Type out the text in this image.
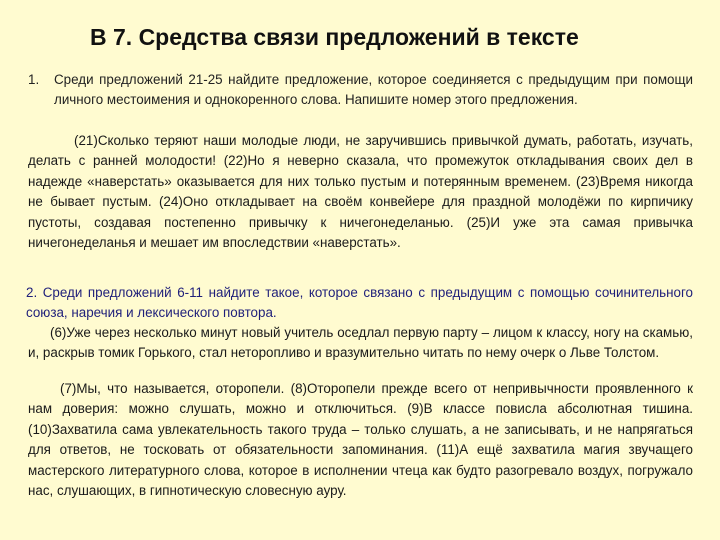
В 7. Средства связи предложений в тексте
1. Среди предложений 21-25 найдите предложение, которое соединяется с предыдущим при помощи личного местоимения и однокоренного слова. Напишите номер этого предложения.
(21)Сколько теряют наши молодые люди, не заручившись привычкой думать, работать, изучать, делать с ранней молодости! (22)Но я неверно сказала, что промежуток откладывания своих дел в надежде «наверстать» оказывается для них только пустым и потерянным временем. (23)Время никогда не бывает пустым. (24)Оно откладывает на своём конвейере для праздной молодёжи по кирпичику пустоты, создавая постепенно привычку к ничегонеделанью. (25)И уже эта самая привычка ничегонеделанья и мешает им впоследствии «наверстать».
2. Среди предложений 6-11 найдите такое, которое связано с предыдущим с помощью сочинительного союза, наречия и лексического повтора.
(6)Уже через несколько минут новый учитель оседлал первую парту – лицом к классу, ногу на скамью, и, раскрыв томик Горького, стал неторопливо и вразумительно читать по нему очерк о Льве Толстом.
(7)Мы, что называется, оторопели. (8)Оторопели прежде всего от непривычности проявленного к нам доверия: можно слушать, можно и отключиться. (9)В классе повисла абсолютная тишина. (10)Захватила сама увлекательность такого труда – только слушать, а не записывать, и не напрягаться для ответов, не тосковать от обязательности запоминания. (11)А ещё захватила магия звучащего мастерского литературного слова, которое в исполнении чтеца как будто разогревало воздух, погружало нас, слушающих, в гипнотическую словесную ауру.
